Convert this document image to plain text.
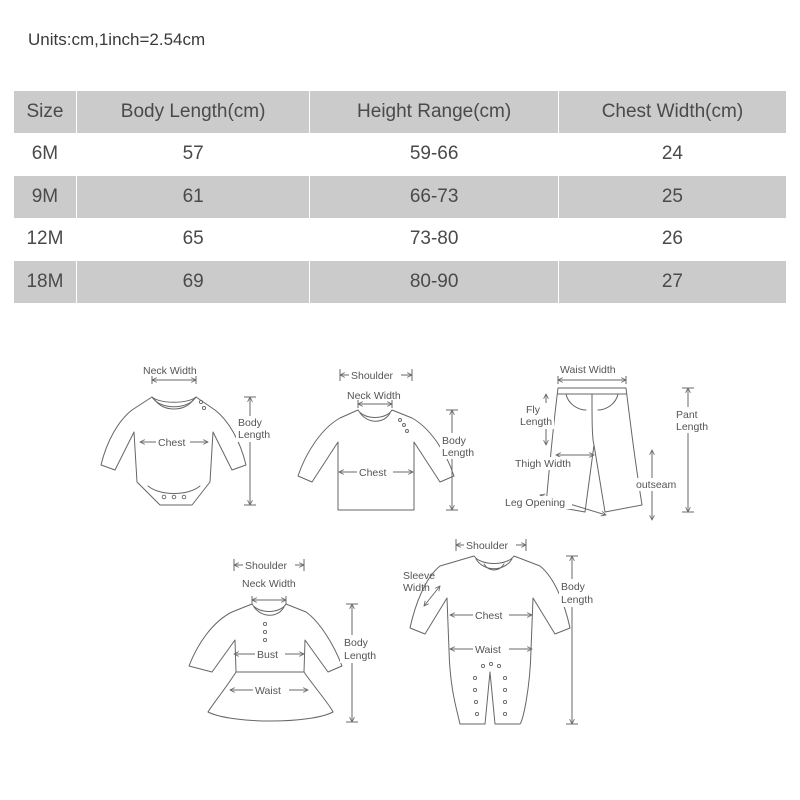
Units:cm,1inch=2.54cm
Size	Body Length(cm)	Height Range(cm)	Chest Width(cm)
6M	57	59-66	24
9M	61	66-73	25
12M	65	73-80	26
18M	69	80-90	27
Neck Width
Chest
Body
Length
Shoulder
Neck Width
Chest
Body
Length
Waist Width
Fly
Length
Pant
Length
Thigh Width
outseam
Leg Opening
Shoulder
Neck Width
Bust
Waist
Body
Length
Shoulder
Sleeve
Width
Chest
Waist
Body
Length
